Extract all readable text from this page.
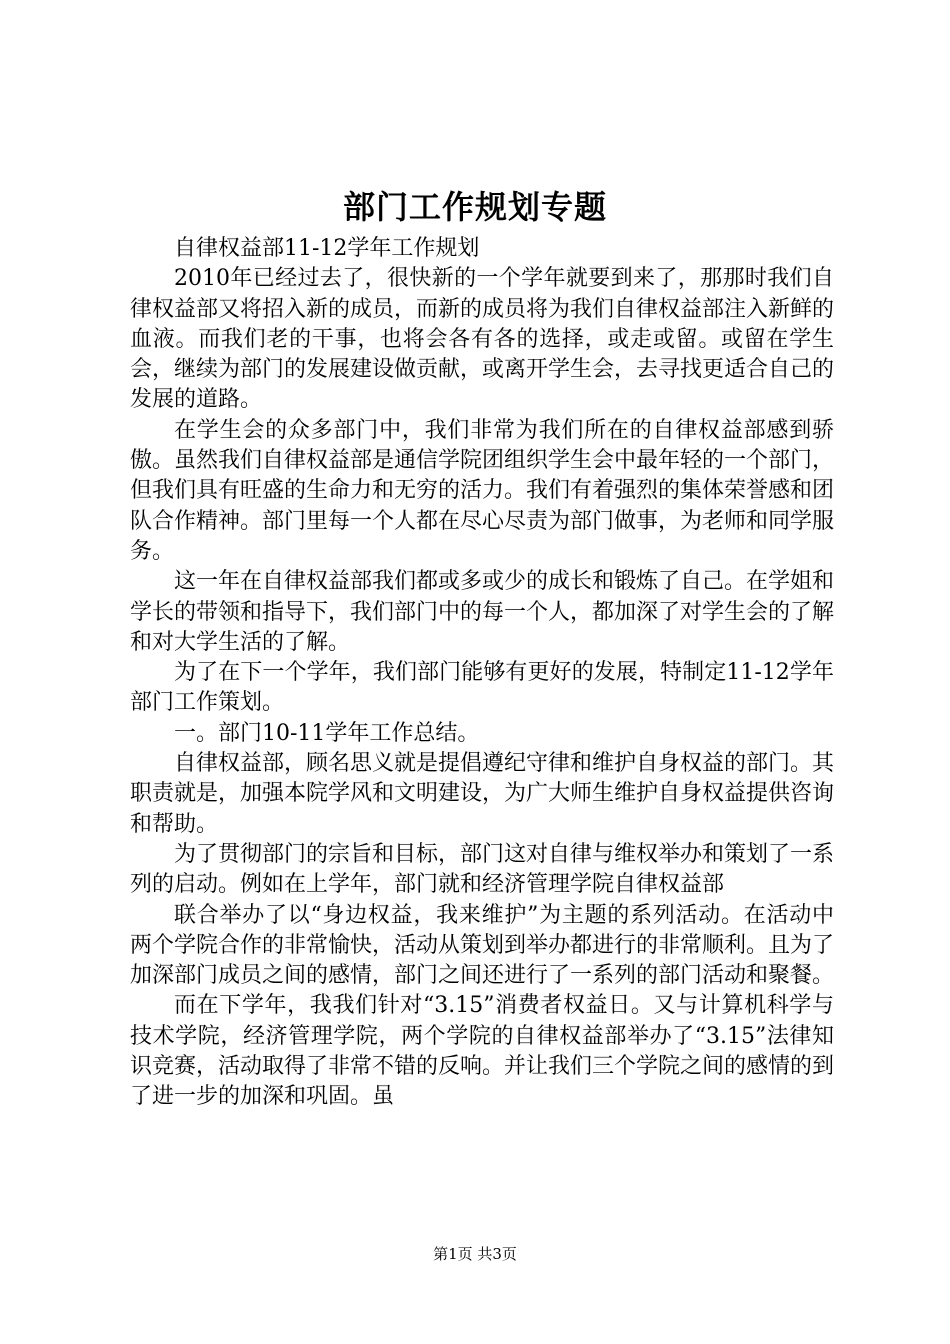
部门工作规划专题

自律权益部11-12学年工作规划

2010年已经过去了，很快新的一个学年就要到来了，那那时我们自律权益部又将招入新的成员，而新的成员将为我们自律权益部注入新鲜的血液。而我们老的干事，也将会各有各的选择，或走或留。或留在学生会，继续为部门的发展建设做贡献，或离开学生会，去寻找更适合自己的发展的道路。

在学生会的众多部门中，我们非常为我们所在的自律权益部感到骄傲。虽然我们自律权益部是通信学院团组织学生会中最年轻的一个部门，但我们具有旺盛的生命力和无穷的活力。我们有着强烈的集体荣誉感和团队合作精神。部门里每一个人都在尽心尽责为部门做事，为老师和同学服务。

这一年在自律权益部我们都或多或少的成长和锻炼了自己。在学姐和学长的带领和指导下，我们部门中的每一个人，都加深了对学生会的了解和对大学生活的了解。

为了在下一个学年，我们部门能够有更好的发展，特制定11-12学年部门工作策划。

一。部门10-11学年工作总结。

自律权益部，顾名思义就是提倡遵纪守律和维护自身权益的部门。其职责就是，加强本院学风和文明建设，为广大师生维护自身权益提供咨询和帮助。

为了贯彻部门的宗旨和目标，部门这对自律与维权举办和策划了一系列的启动。例如在上学年，部门就和经济管理学院自律权益部

联合举办了以“身边权益，我来维护”为主题的系列活动。在活动中两个学院合作的非常愉快，活动从策划到举办都进行的非常顺利。且为了加深部门成员之间的感情，部门之间还进行了一系列的部门活动和聚餐。

而在下学年，我我们针对“3.15”消费者权益日。又与计算机科学与技术学院，经济管理学院，两个学院的自律权益部举办了“3.15”法律知识竞赛，活动取得了非常不错的反响。并让我们三个学院之间的感情的到了进一步的加深和巩固。虽

第1页 共3页
